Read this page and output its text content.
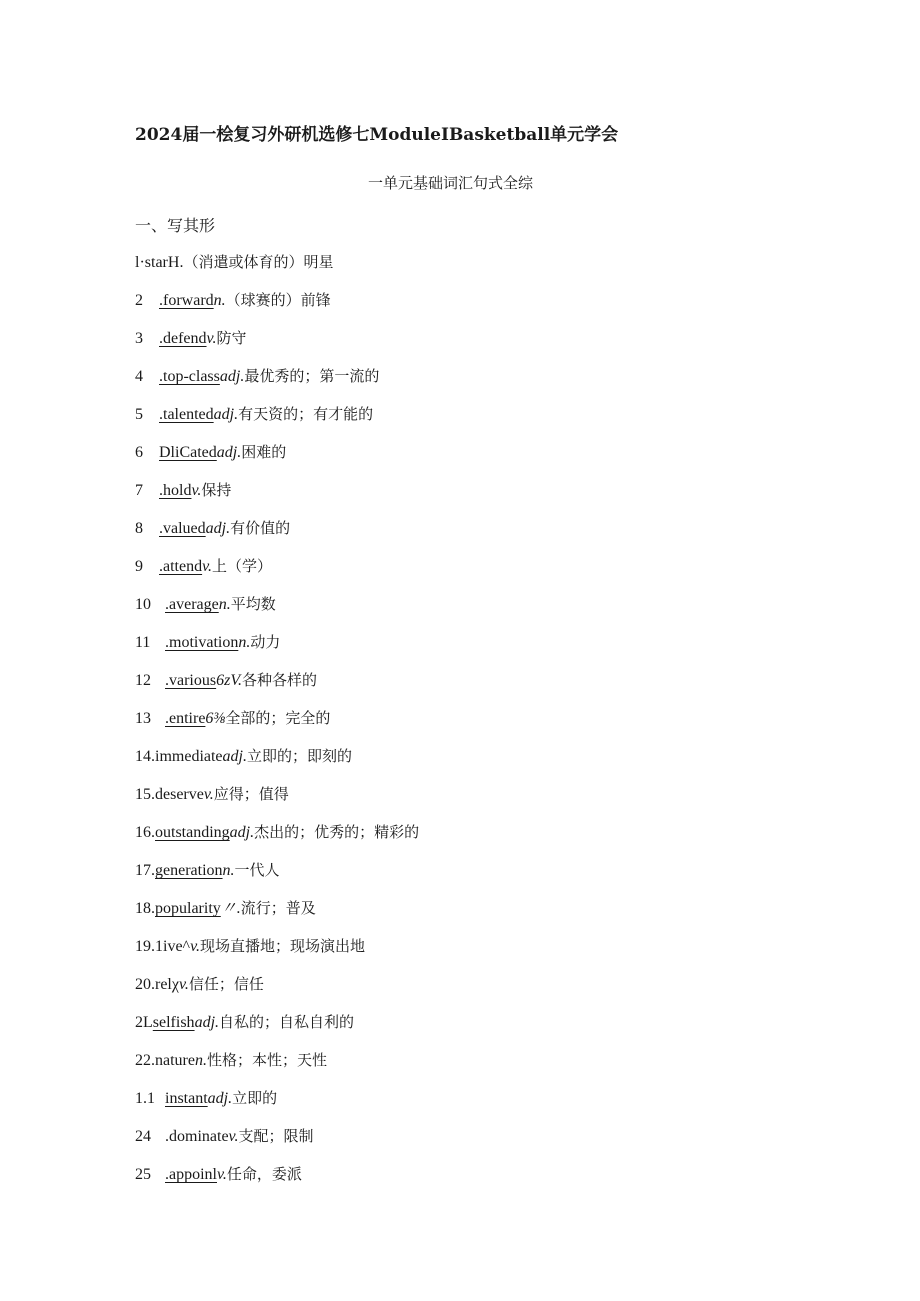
2024届一桧复习外研机选修七ModuleIBasketball单元学会
一单元基础词汇句式全综
一、写其形
l·starH.（消遣或体育的）明星
2 .forwardn.（球赛的）前锋
3 .defendv.防守
4 .top-classadj.最优秀的；第一流的
5 .talentedadj.有天资的；有才能的
6 DliCatedadj.困难的
7 .holdv.保持
8 .valuedadj.有价值的
9 .attendv.上（学）
10 .averagen.平均数
11 .motivationn.动力
12 .various6zV.各种各样的
13 .entire6⅜全部的；完全的
14.immediateadj.立即的；即刻的
15.deservev.应得；值得
16.outstandingadj.杰出的；优秀的；精彩的
17.generationn.一代人
18.popularity〃.流行；普及
19.1ive^v.现场直播地；现场演出地
20.relχv.信任；信任
2Lselfishadj.自私的；自私自利的
22.naturen.性格；本性；天性
1.1 instantadj.立即的
24 .dominatev.支配；限制
25 .appoinlv.任命，委派
